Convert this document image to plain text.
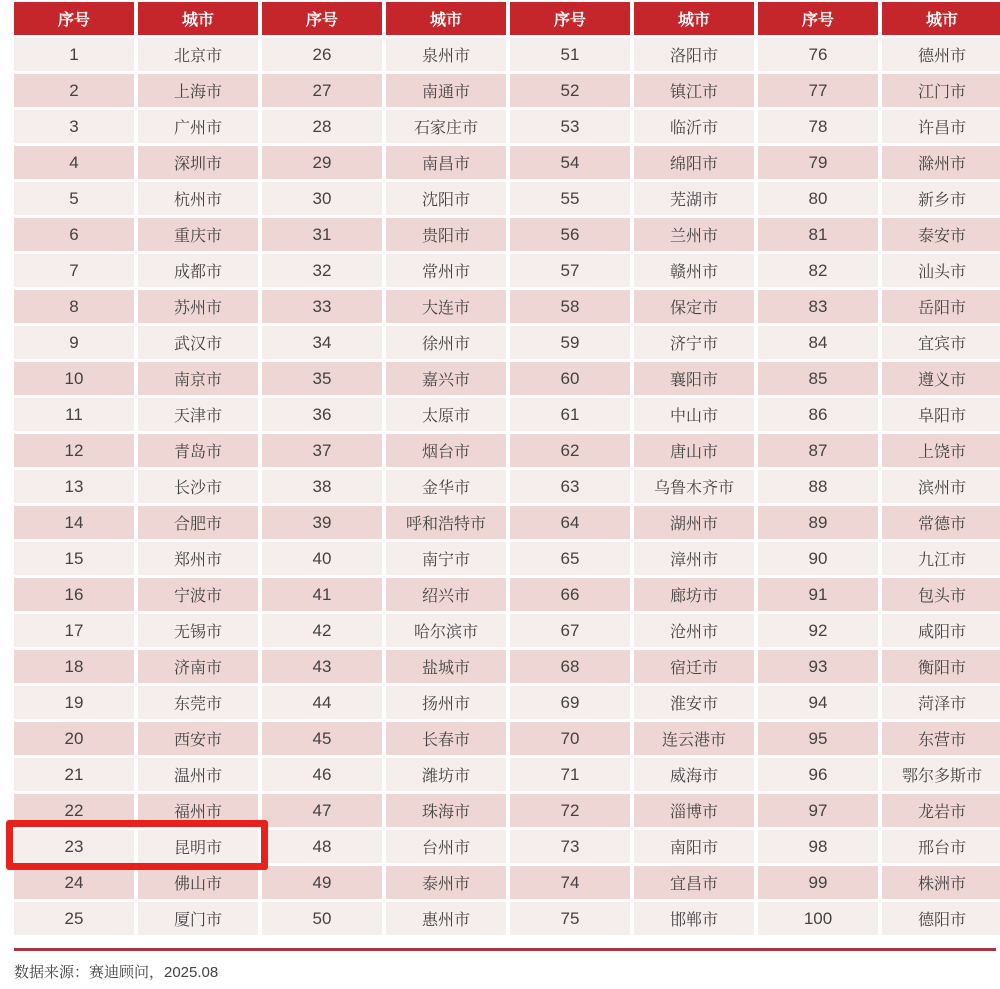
序号	城市	序号	城市	序号	城市	序号	城市
1	北京市	26	泉州市	51	洛阳市	76	德州市
2	上海市	27	南通市	52	镇江市	77	江门市
3	广州市	28	石家庄市	53	临沂市	78	许昌市
4	深圳市	29	南昌市	54	绵阳市	79	滁州市
5	杭州市	30	沈阳市	55	芜湖市	80	新乡市
6	重庆市	31	贵阳市	56	兰州市	81	泰安市
7	成都市	32	常州市	57	赣州市	82	汕头市
8	苏州市	33	大连市	58	保定市	83	岳阳市
9	武汉市	34	徐州市	59	济宁市	84	宜宾市
10	南京市	35	嘉兴市	60	襄阳市	85	遵义市
11	天津市	36	太原市	61	中山市	86	阜阳市
12	青岛市	37	烟台市	62	唐山市	87	上饶市
13	长沙市	38	金华市	63	乌鲁木齐市	88	滨州市
14	合肥市	39	呼和浩特市	64	湖州市	89	常德市
15	郑州市	40	南宁市	65	漳州市	90	九江市
16	宁波市	41	绍兴市	66	廊坊市	91	包头市
17	无锡市	42	哈尔滨市	67	沧州市	92	咸阳市
18	济南市	43	盐城市	68	宿迁市	93	衡阳市
19	东莞市	44	扬州市	69	淮安市	94	菏泽市
20	西安市	45	长春市	70	连云港市	95	东营市
21	温州市	46	潍坊市	71	威海市	96	鄂尔多斯市
22	福州市	47	珠海市	72	淄博市	97	龙岩市
23	昆明市	48	台州市	73	南阳市	98	邢台市
24	佛山市	49	泰州市	74	宜昌市	99	株洲市
25	厦门市	50	惠州市	75	邯郸市	100	德阳市
数据来源：赛迪顾问，2025.08
